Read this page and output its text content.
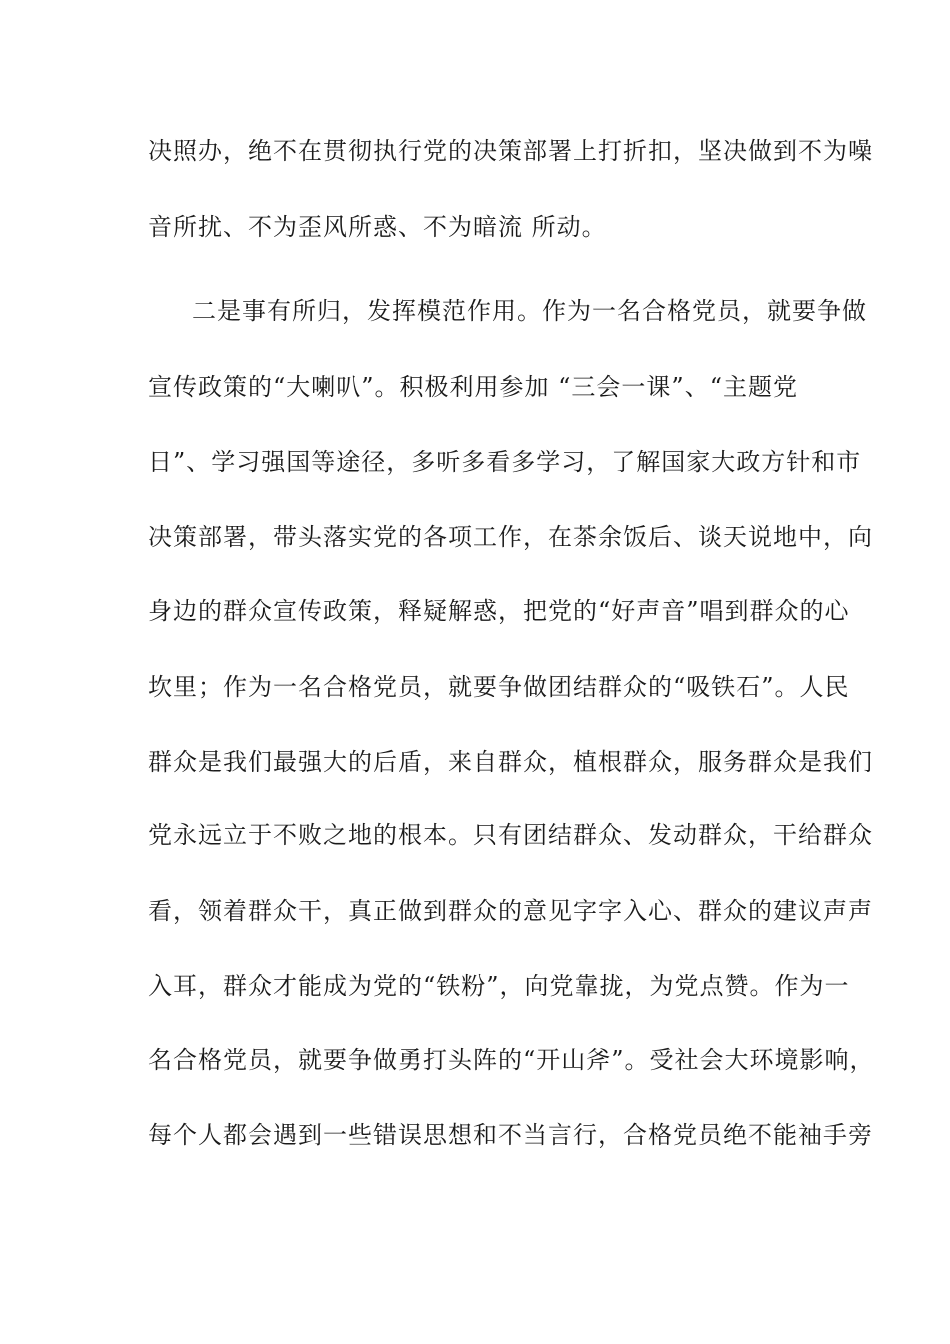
决照办，绝不在贯彻执行党的决策部署上打折扣，坚决做到不为噪
音所扰、不为歪风所惑、不为暗流 所动。
二是事有所归，发挥模范作用。作为一名合格党员，就要争做
宣传政策的“大喇叭”。积极利用参加 “三会一课”、“主题党
日”、学习强国等途径，多听多看多学习，了解国家大政方针和市
决策部署，带头落实党的各项工作，在茶余饭后、谈天说地中，向
身边的群众宣传政策，释疑解惑，把党的“好声音”唱到群众的心
坎里；作为一名合格党员，就要争做团结群众的“吸铁石”。人民
群众是我们最强大的后盾，来自群众，植根群众，服务群众是我们
党永远立于不败之地的根本。只有团结群众、发动群众，干给群众
看，领着群众干，真正做到群众的意见字字入心、群众的建议声声
入耳，群众才能成为党的“铁粉”，向党靠拢，为党点赞。作为一
名合格党员，就要争做勇打头阵的“开山斧”。受社会大环境影响，
每个人都会遇到一些错误思想和不当言行，合格党员绝不能袖手旁
